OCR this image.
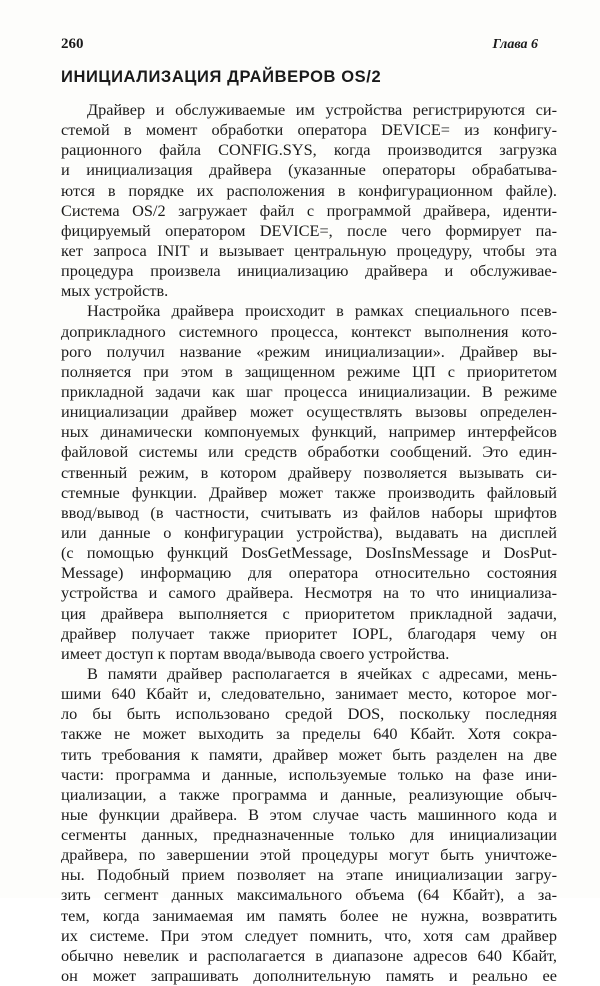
260	Глава 6
ИНИЦИАЛИЗАЦИЯ ДРАЙВЕРОВ OS/2
Драйвер и обслуживаемые им устройства регистрируются си-
стемой в момент обработки оператора DEVICE= из конфигу-
рационного файла CONFIG.SYS, когда производится загрузка
и инициализация драйвера (указанные операторы обрабатыва-
ются в порядке их расположения в конфигурационном файле).
Система OS/2 загружает файл с программой драйвера, иденти-
фицируемый оператором DEVICE=, после чего формирует па-
кет запроса INIT и вызывает центральную процедуру, чтобы эта
процедура произвела инициализацию драйвера и обслуживае-
мых устройств.
Настройка драйвера происходит в рамках специального псев-
доприкладного системного процесса, контекст выполнения кото-
рого получил название «режим инициализации». Драйвер вы-
полняется при этом в защищенном режиме ЦП с приоритетом
прикладной задачи как шаг процесса инициализации. В режиме
инициализации драйвер может осуществлять вызовы определен-
ных динамически компонуемых функций, например интерфейсов
файловой системы или средств обработки сообщений. Это един-
ственный режим, в котором драйверу позволяется вызывать си-
стемные функции. Драйвер может также производить файловый
ввод/вывод (в частности, считывать из файлов наборы шрифтов
или данные о конфигурации устройства), выдавать на дисплей
(с помощью функций DosGetMessage, DosInsMessage и DosPut-
Message) информацию для оператора относительно состояния
устройства и самого драйвера. Несмотря на то что инициализа-
ция драйвера выполняется с приоритетом прикладной задачи,
драйвер получает также приоритет IOPL, благодаря чему он
имеет доступ к портам ввода/вывода своего устройства.
В памяти драйвер располагается в ячейках с адресами, мень-
шими 640 Кбайт и, следовательно, занимает место, которое мог-
ло бы быть использовано средой DOS, поскольку последняя
также не может выходить за пределы 640 Кбайт. Хотя сокра-
тить требования к памяти, драйвер может быть разделен на две
части: программа и данные, используемые только на фазе ини-
циализации, а также программа и данные, реализующие обыч-
ные функции драйвера. В этом случае часть машинного кода и
сегменты данных, предназначенные только для инициализации
драйвера, по завершении этой процедуры могут быть уничтоже-
ны. Подобный прием позволяет на этапе инициализации загру-
зить сегмент данных максимального объема (64 Кбайт), а за-
тем, когда занимаемая им память более не нужна, возвратить
их системе. При этом следует помнить, что, хотя сам драйвер
обычно невелик и располагается в диапазоне адресов 640 Кбайт,
он может запрашивать дополнительную память и реально ее
